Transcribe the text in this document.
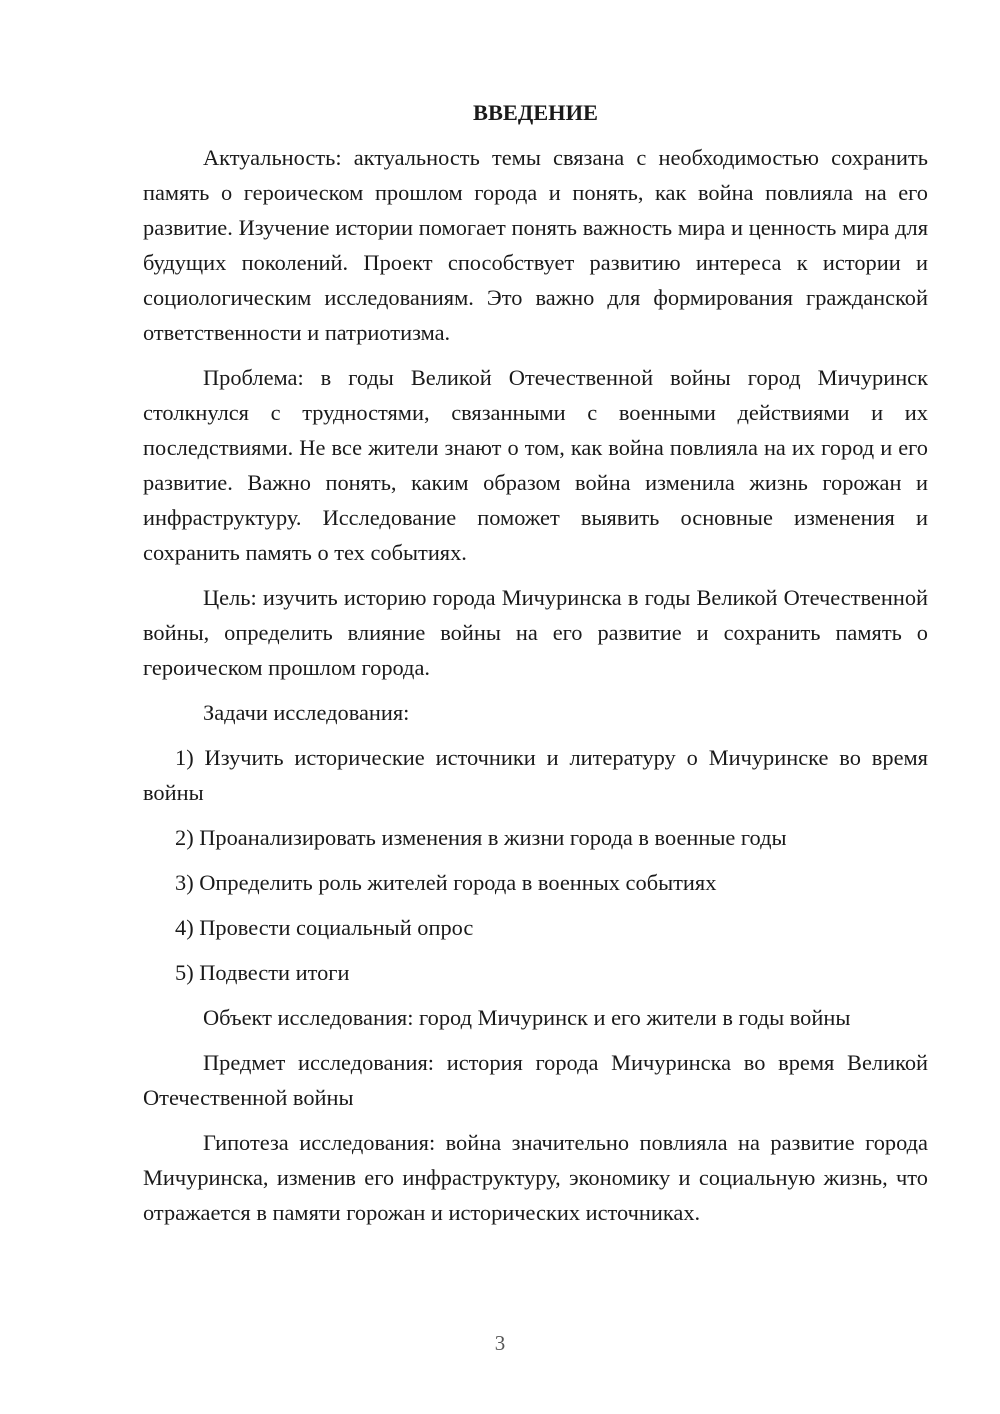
ВВЕДЕНИЕ

Актуальность: актуальность темы связана с необходимостью сохранить память о героическом прошлом города и понять, как война повлияла на его развитие. Изучение истории помогает понять важность мира и ценность мира для будущих поколений. Проект способствует развитию интереса к истории и социологическим исследованиям. Это важно для формирования гражданской ответственности и патриотизма.

Проблема: в годы Великой Отечественной войны город Мичуринск столкнулся с трудностями, связанными с военными действиями и их последствиями. Не все жители знают о том, как война повлияла на их город и его развитие. Важно понять, каким образом война изменила жизнь горожан и инфраструктуру. Исследование поможет выявить основные изменения и сохранить память о тех событиях.

Цель: изучить историю города Мичуринска в годы Великой Отечественной войны, определить влияние войны на его развитие и сохранить память о героическом прошлом города.

Задачи исследования:

1) Изучить исторические источники и литературу о Мичуринске во время войны

2) Проанализировать изменения в жизни города в военные годы

3) Определить роль жителей города в военных событиях

4) Провести социальный опрос

5) Подвести итоги

Объект исследования: город Мичуринск и его жители в годы войны

Предмет исследования: история города Мичуринска во время Великой Отечественной войны

Гипотеза исследования: война значительно повлияла на развитие города Мичуринска, изменив его инфраструктуру, экономику и социальную жизнь, что отражается в памяти горожан и исторических источниках.

3
